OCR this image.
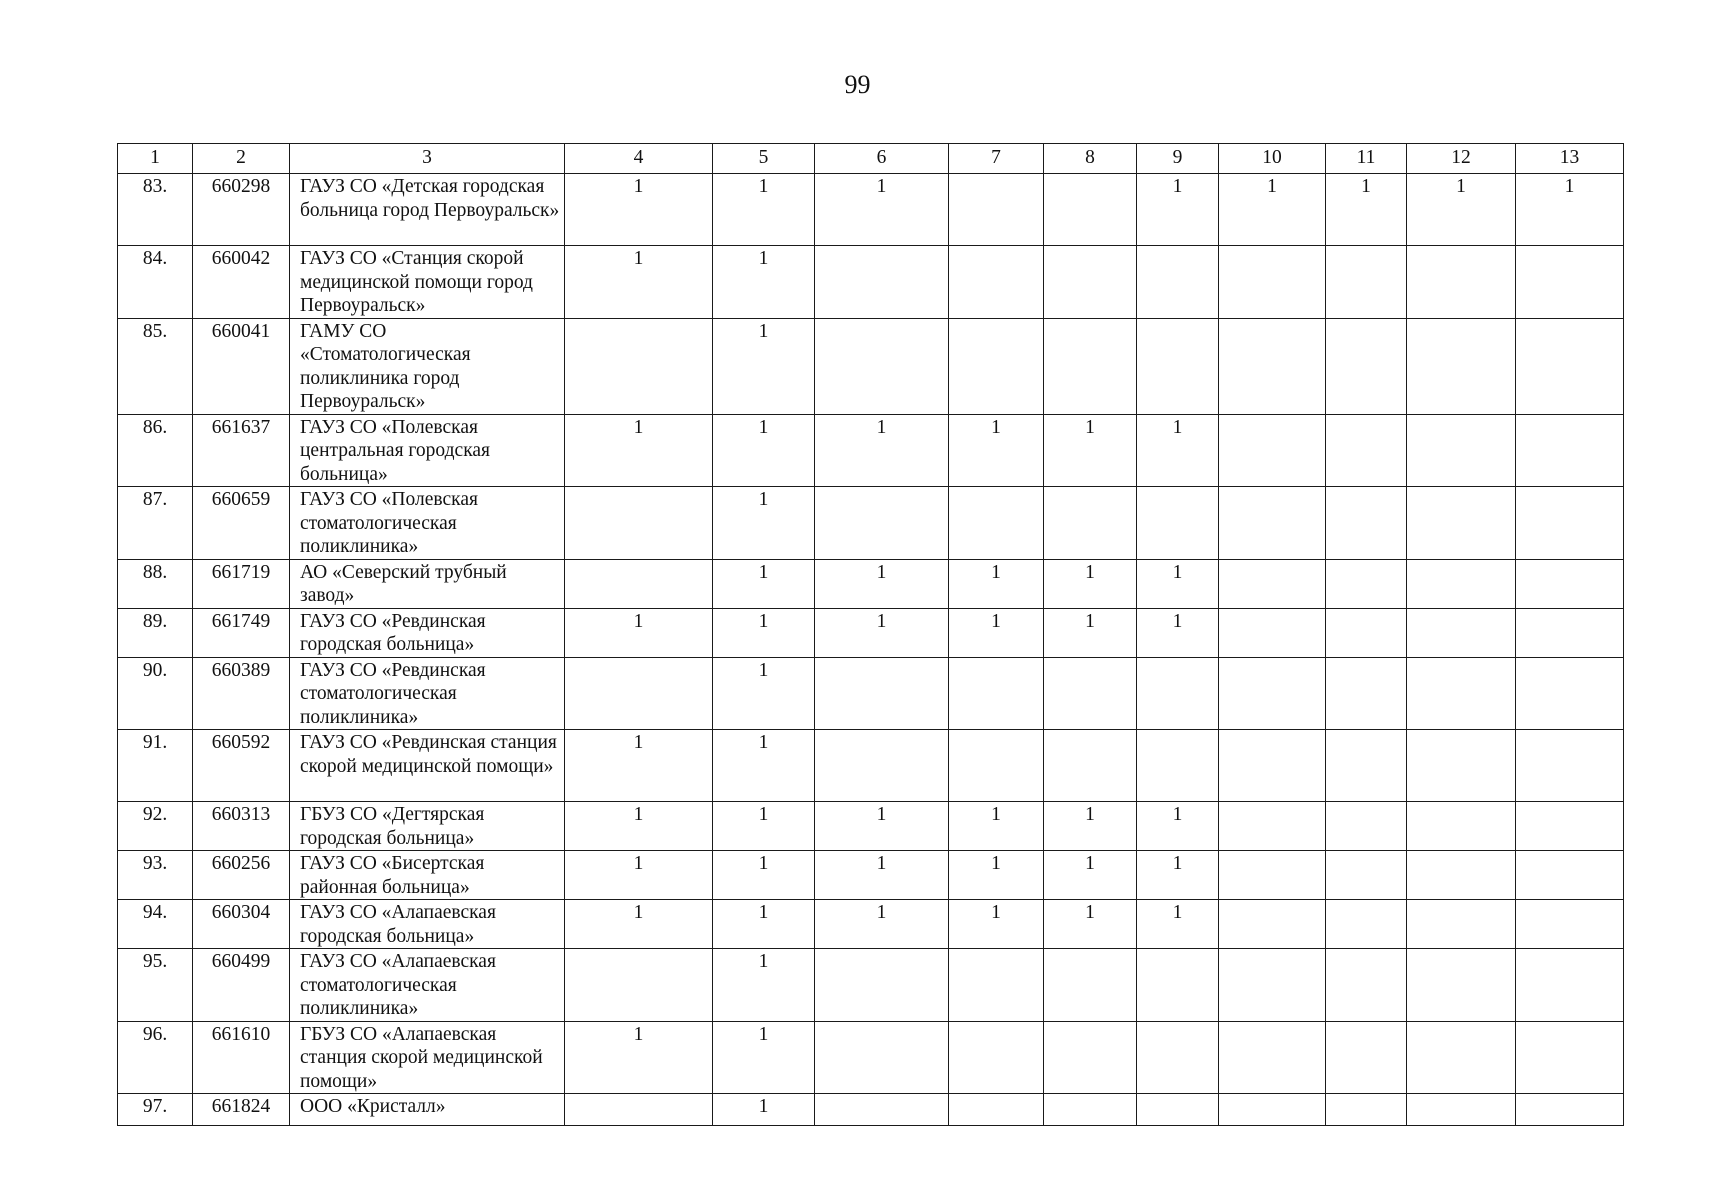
99
1	2	3	4	5	6	7	8	9	10	11	12	13
83.	660298	ГАУЗ СО «Детская городская больница город Первоуральск»	1	1	1			1	1	1	1	1
84.	660042	ГАУЗ СО «Станция скорой медицинской помощи город Первоуральск»	1	1								
85.	660041	ГАМУ СО «Стоматологическая поликлиника город Первоуральск»		1								
86.	661637	ГАУЗ СО «Полевская центральная городская больница»	1	1	1	1	1	1				
87.	660659	ГАУЗ СО «Полевская стоматологическая поликлиника»		1								
88.	661719	АО «Северский трубный завод»		1	1	1	1	1				
89.	661749	ГАУЗ СО «Ревдинская городская больница»	1	1	1	1	1	1				
90.	660389	ГАУЗ СО «Ревдинская стоматологическая поликлиника»		1								
91.	660592	ГАУЗ СО «Ревдинская станция скорой медицинской помощи»	1	1								
92.	660313	ГБУЗ СО «Дегтярская городская больница»	1	1	1	1	1	1				
93.	660256	ГАУЗ СО «Бисертская районная больница»	1	1	1	1	1	1				
94.	660304	ГАУЗ СО «Алапаевская городская больница»	1	1	1	1	1	1				
95.	660499	ГАУЗ СО «Алапаевская стоматологическая поликлиника»		1								
96.	661610	ГБУЗ СО «Алапаевская станция скорой медицинской помощи»	1	1								
97.	661824	ООО «Кристалл»		1								
